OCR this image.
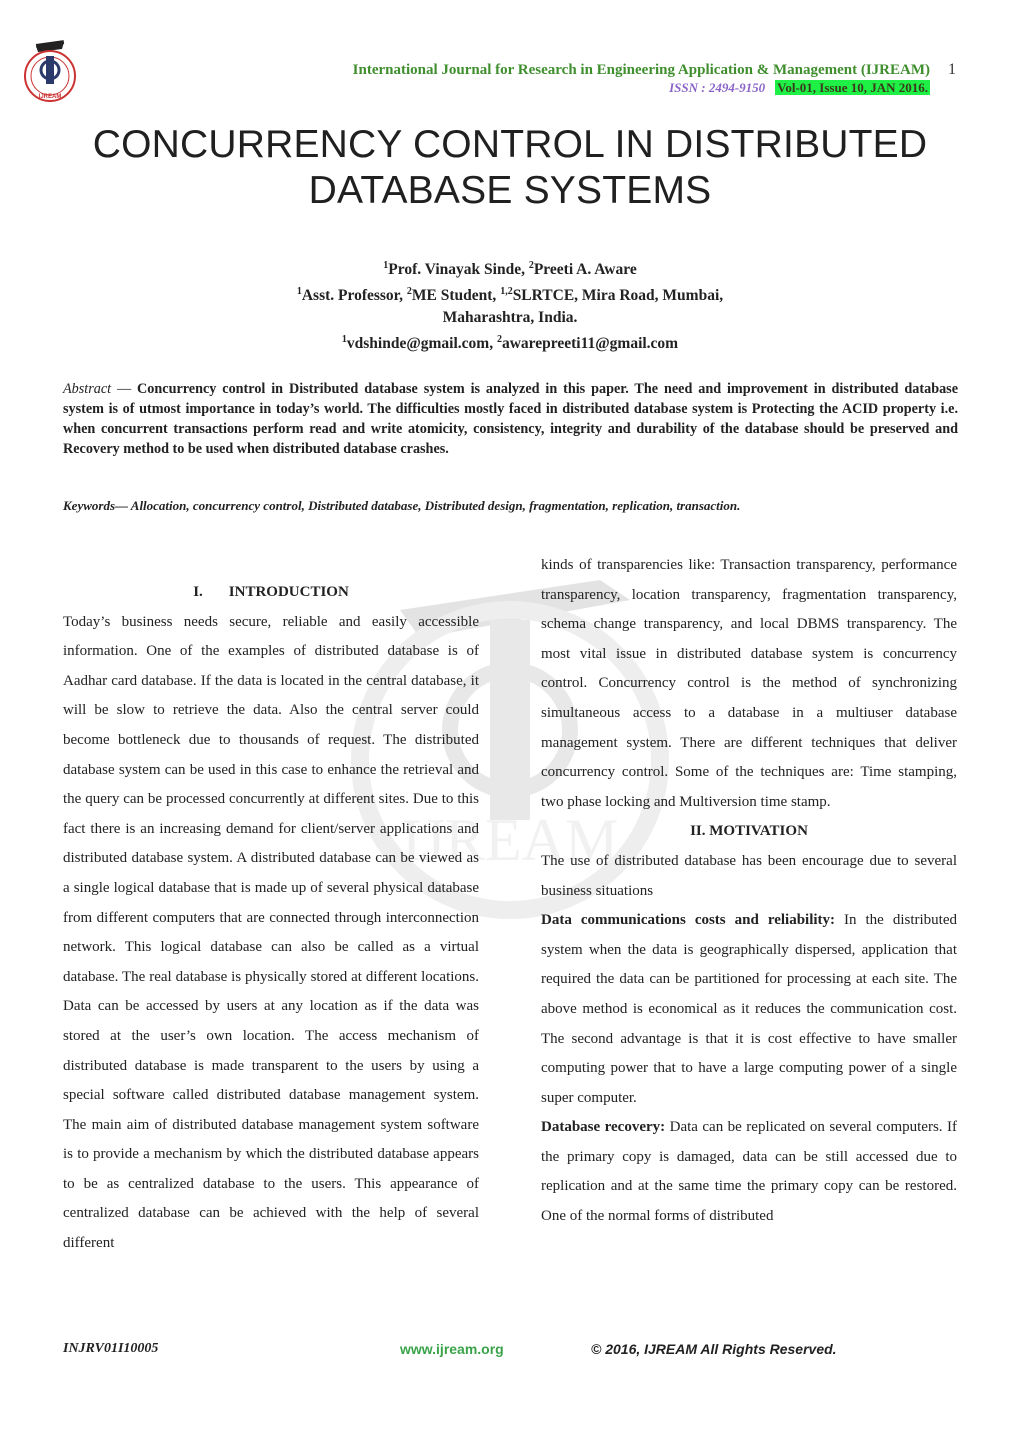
IJREAM
International Journal for Research in Engineering Application & Management (IJREAM) 1
ISSN : 2494-9150 Vol-01, Issue 10, JAN 2016.
CONCURRENCY CONTROL IN DISTRIBUTED
DATABASE SYSTEMS
$^1$Prof. Vinayak Sinde, $^2$Preeti A. Aware
$^1$Asst. Professor, $^2$ME Student, $^{1,2}$SLRTCE, Mira Road, Mumbai,
Maharashtra, India.
$^1$vdshinde@gmail.com, $^2$awarepreeti11@gmail.com
Abstract — Concurrency control in Distributed database system is analyzed in this paper. The need and improvement in distributed database system is of utmost importance in today’s world. The difficulties mostly faced in distributed database system is Protecting the ACID property i.e. when concurrent transactions perform read and write atomicity, consistency, integrity and durability of the database should be preserved and Recovery method to be used when distributed database crashes.
Keywords— Allocation, concurrency control, Distributed database, Distributed design, fragmentation, replication, transaction.
IJREAM
I. INTRODUCTION

Today’s business needs secure, reliable and easily accessible information. One of the examples of distributed database is of Aadhar card database. If the data is located in the central database, it will be slow to retrieve the data. Also the central server could become bottleneck due to thousands of request. The distributed database system can be used in this case to enhance the retrieval and the query can be processed concurrently at different sites. Due to this fact there is an increasing demand for client/server applications and distributed database system. A distributed database can be viewed as a single logical database that is made up of several physical database from different computers that are connected through interconnection network. This logical database can also be called as a virtual database. The real database is physically stored at different locations. Data can be accessed by users at any location as if the data was stored at the user’s own location. The access mechanism of distributed database is made transparent to the users by using a special software called distributed database management system. The main aim of distributed database management system software is to provide a mechanism by which the distributed database appears to be as centralized database to the users. This appearance of centralized database can be achieved with the help of several different

kinds of transparencies like: Transaction transparency, performance transparency, location transparency, fragmentation transparency, schema change transparency, and local DBMS transparency. The most vital issue in distributed database system is concurrency control. Concurrency control is the method of synchronizing simultaneous access to a database in a multiuser database management system. There are different techniques that deliver concurrency control. Some of the techniques are: Time stamping, two phase locking and Multiversion time stamp.

II. MOTIVATION

The use of distributed database has been encourage due to several business situations

Data communications costs and reliability: In the distributed system when the data is geographically dispersed, application that required the data can be partitioned for processing at each site. The above method is economical as it reduces the communication cost. The second advantage is that it is cost effective to have smaller computing power that to have a large computing power of a single super computer.

Database recovery: Data can be replicated on several computers. If the primary copy is damaged, data can be still accessed due to replication and at the same time the primary copy can be restored. One of the normal forms of distributed

INJRV01I10005	www.ijream.org	© 2016, IJREAM All Rights Reserved.
